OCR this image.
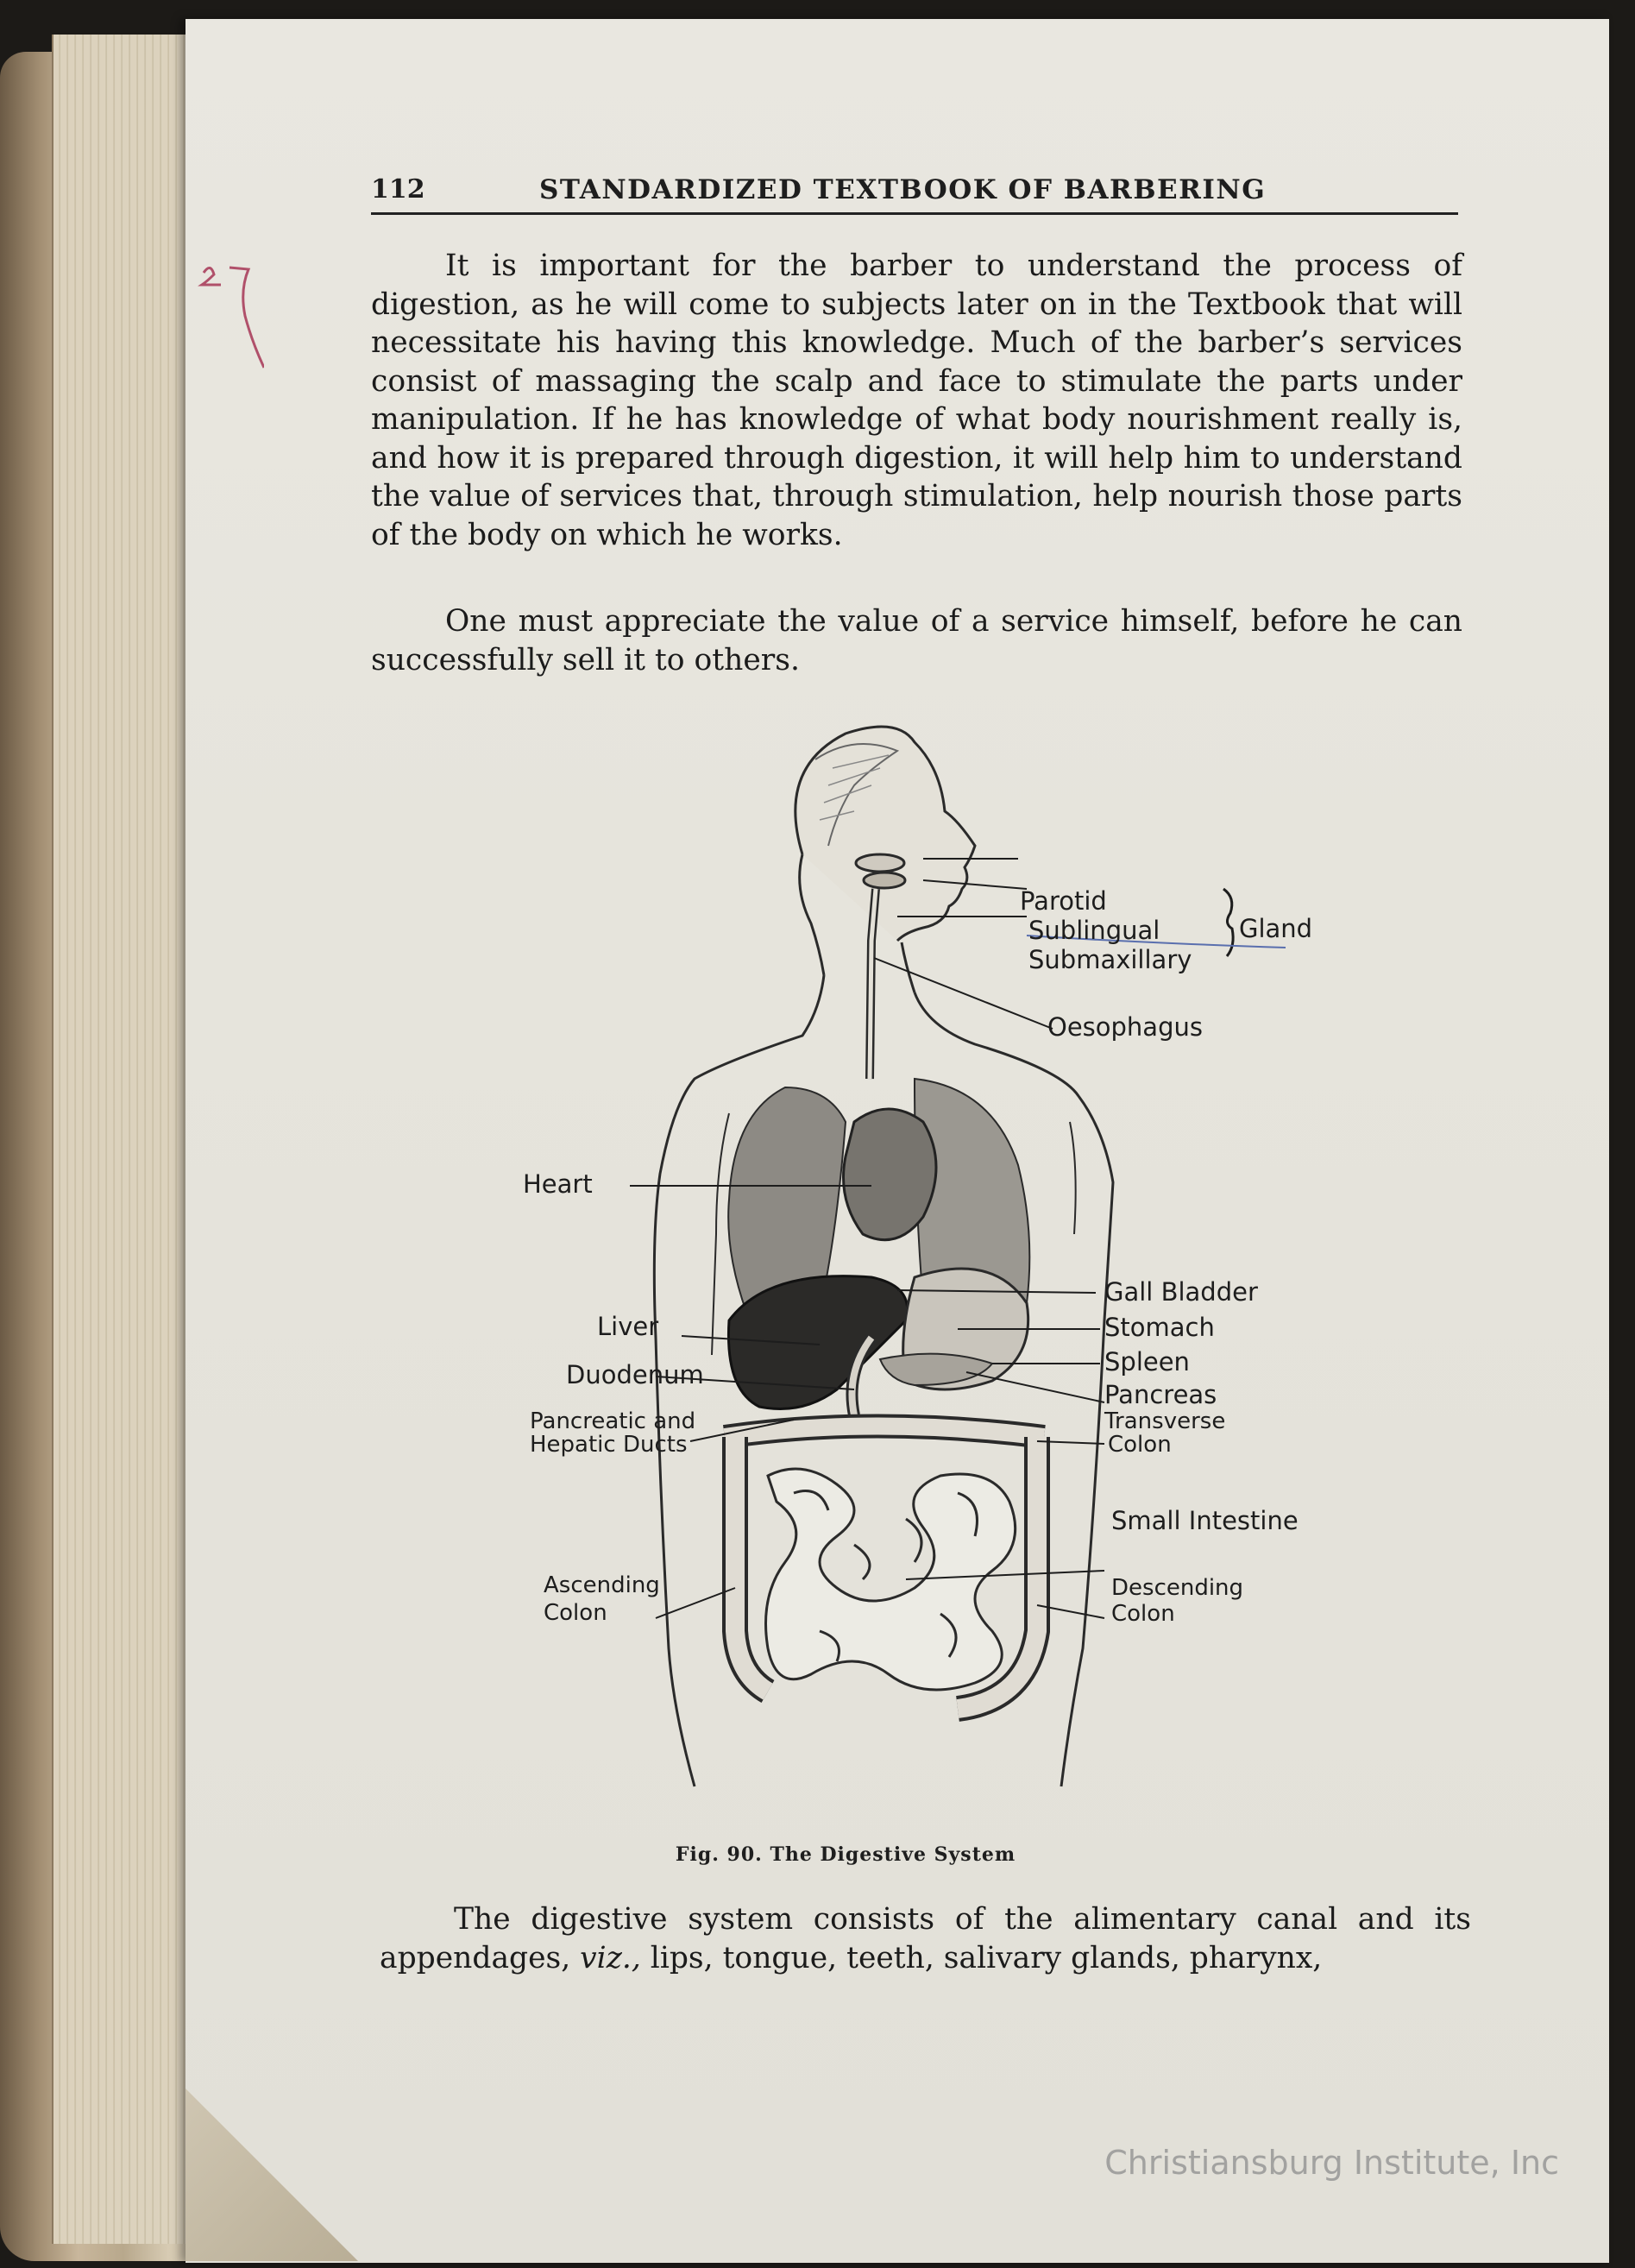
112	STANDARDIZED TEXTBOOK OF BARBERING

It is important for the barber to understand the process of digestion, as he will come to subjects later on in the Textbook that will necessitate his having this knowledge. Much of the barber’s services consist of massaging the scalp and face to stimulate the parts under manipulation. If he has knowledge of what body nourishment really is, and how it is prepared through digestion, it will help him to understand the value of services that, through stimulation, help nourish those parts of the body on which he works.

One must appreciate the value of a service himself, before he can successfully sell it to others.

Parotid
Sublingual
Submaxillary
Gland
Oesophagus
Heart
Gall Bladder
Liver	Stomach
Spleen
Duodenum
Pancreas
Pancreatic and
Hepatic Ducts
Transverse
Colon
Small Intestine
Ascending
Colon
Descending
Colon
Fig. 90. The Digestive System

The digestive system consists of the alimentary canal and its appendages, viz., lips, tongue, teeth, salivary glands, pharynx,

Christiansburg Institute, Inc
